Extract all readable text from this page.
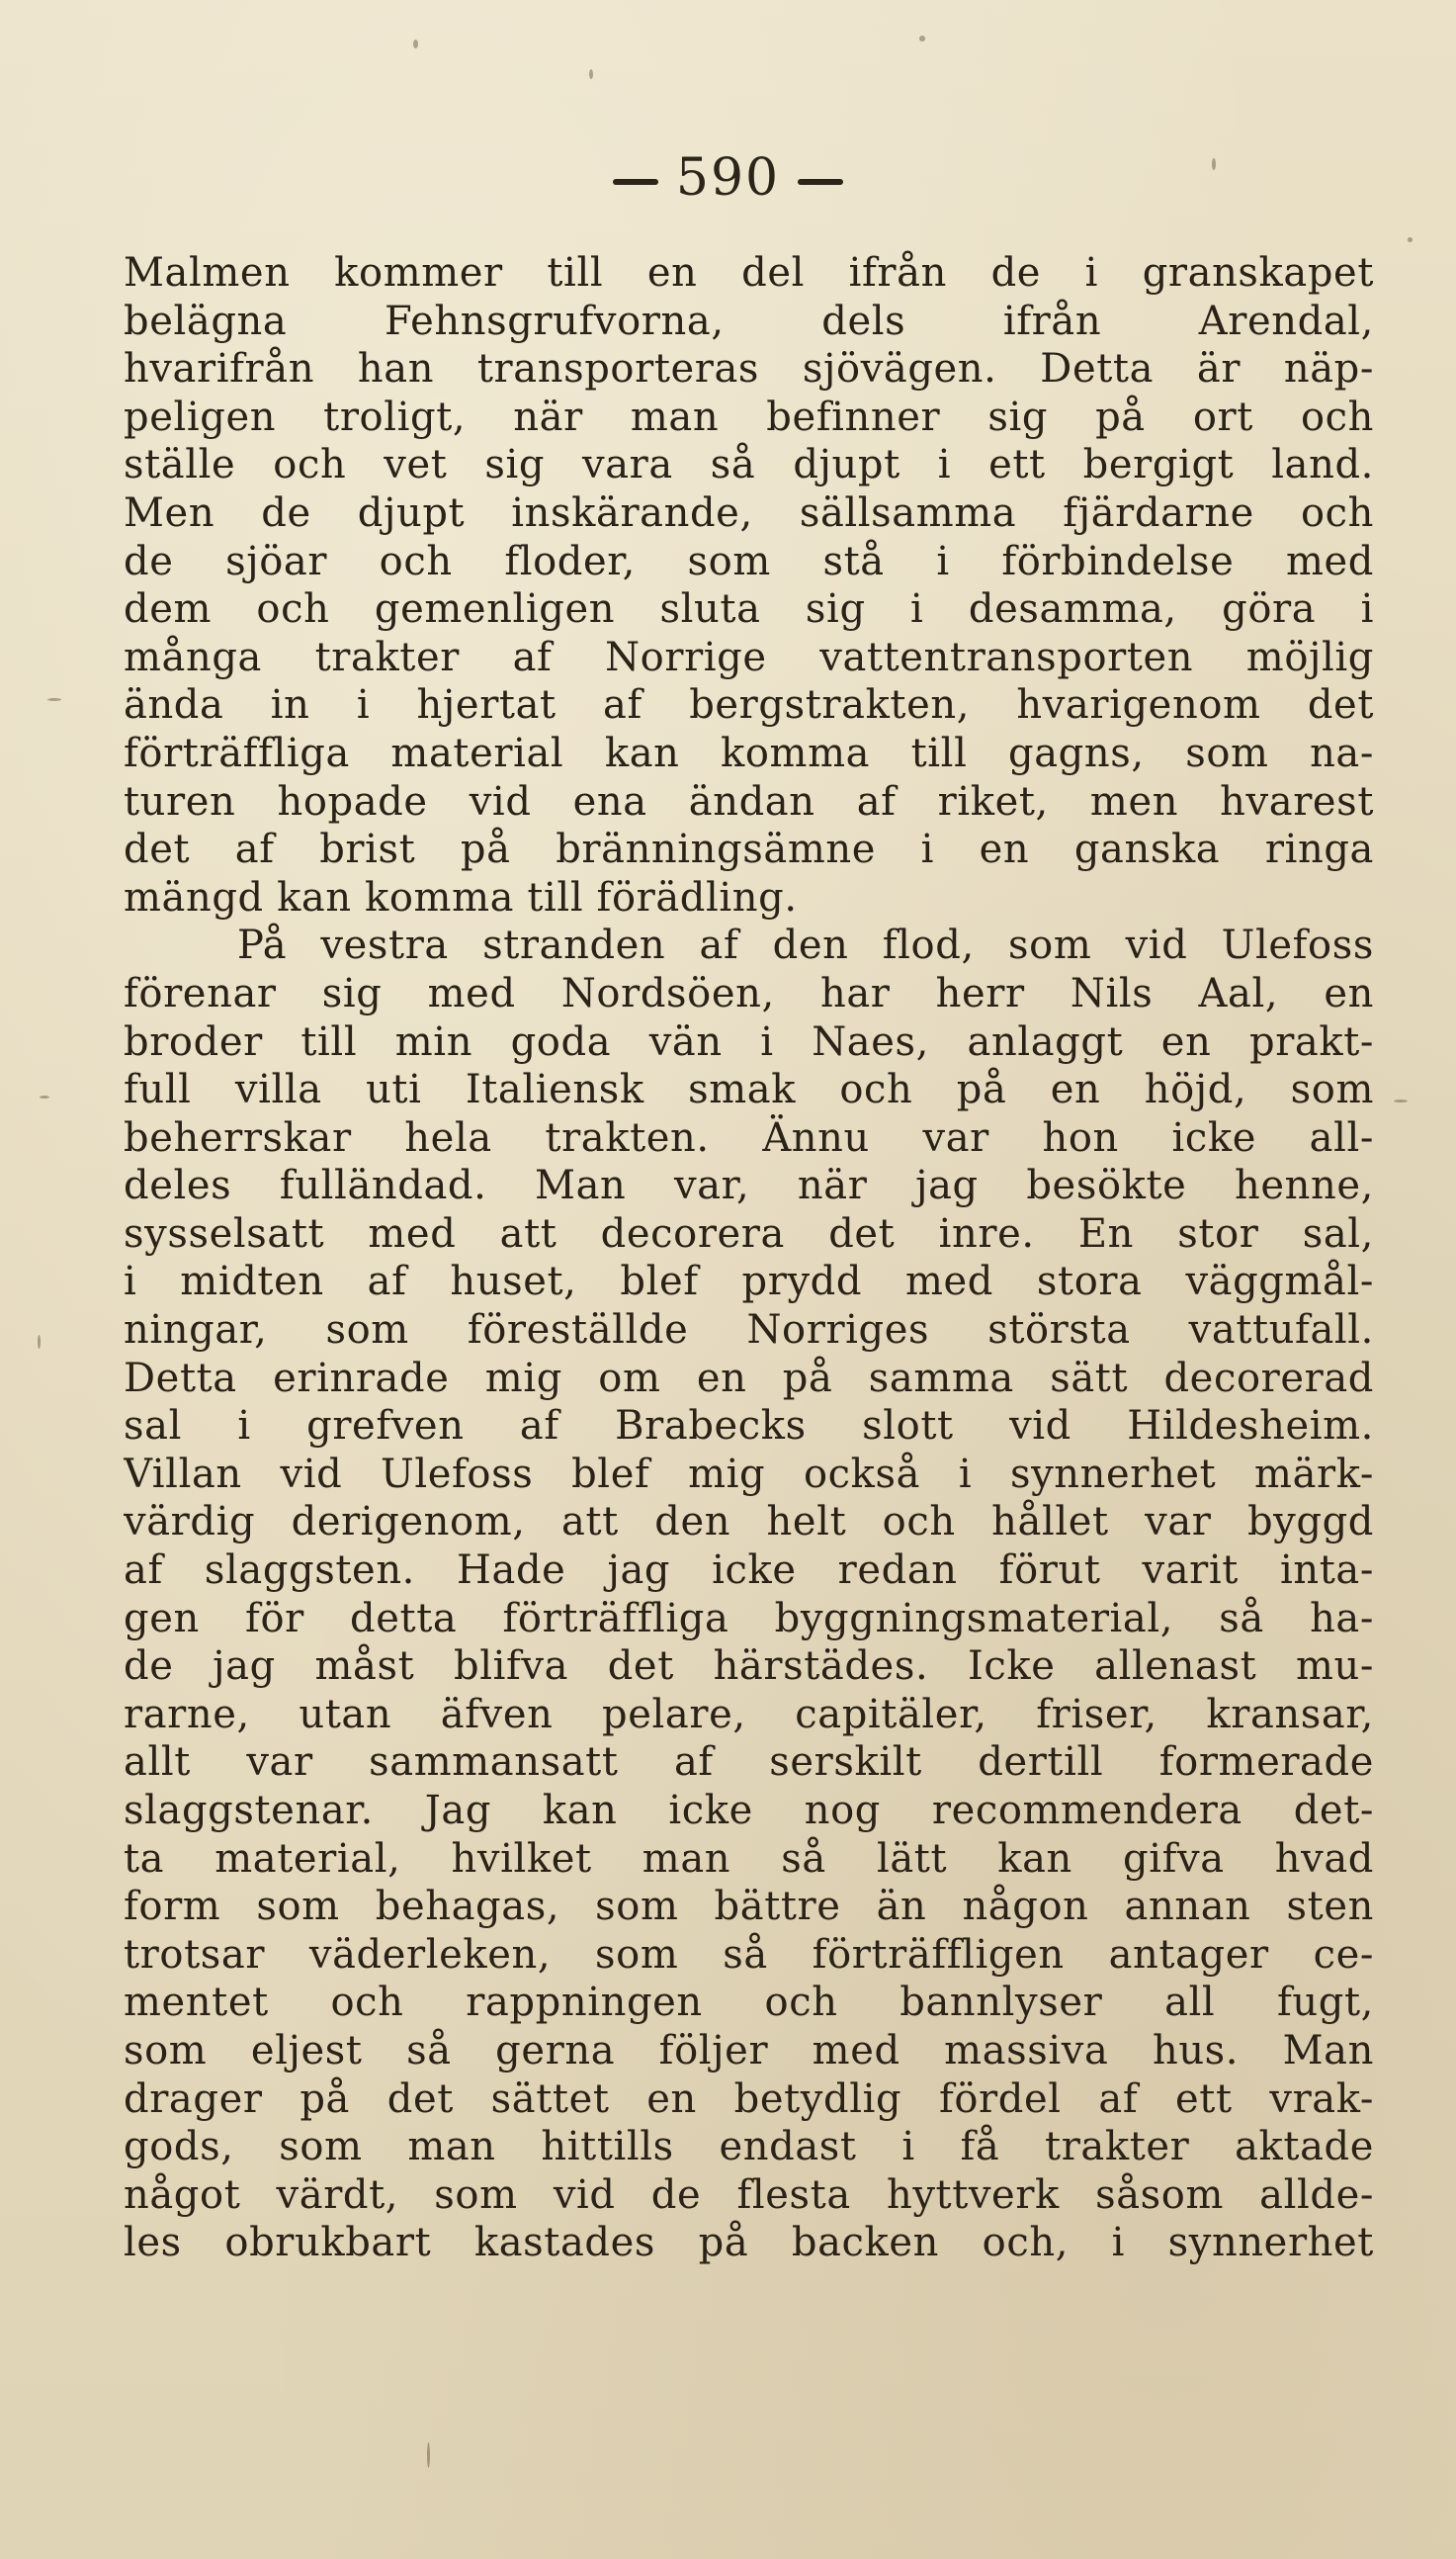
590
Malmen kommer till en del ifrån de i granskapet
belägna Fehnsgrufvorna, dels ifrån Arendal,
hvarifrån han transporteras sjövägen. Detta är näp-
peligen troligt, när man befinner sig på ort och
ställe och vet sig vara så djupt i ett bergigt land.
Men de djupt inskärande, sällsamma fjärdarne och
de sjöar och floder, som stå i förbindelse med
dem och gemenligen sluta sig i desamma, göra i
många trakter af Norrige vattentransporten möjlig
ända in i hjertat af bergstrakten, hvarigenom det
förträffliga material kan komma till gagns, som na-
turen hopade vid ena ändan af riket, men hvarest
det af brist på bränningsämne i en ganska ringa
mängd kan komma till förädling.
På vestra stranden af den flod, som vid Ulefoss
förenar sig med Nordsöen, har herr Nils Aal, en
broder till min goda vän i Naes, anlaggt en prakt-
full villa uti Italiensk smak och på en höjd, som
beherrskar hela trakten. Ännu var hon icke all-
deles fulländad. Man var, när jag besökte henne,
sysselsatt med att decorera det inre. En stor sal,
i midten af huset, blef prydd med stora väggmål-
ningar, som föreställde Norriges största vattufall.
Detta erinrade mig om en på samma sätt decorerad
sal i grefven af Brabecks slott vid Hildesheim.
Villan vid Ulefoss blef mig också i synnerhet märk-
värdig derigenom, att den helt och hållet var byggd
af slaggsten. Hade jag icke redan förut varit inta-
gen för detta förträffliga byggningsmaterial, så ha-
de jag måst blifva det härstädes. Icke allenast mu-
rarne, utan äfven pelare, capitäler, friser, kransar,
allt var sammansatt af serskilt dertill formerade
slaggstenar. Jag kan icke nog recommendera det-
ta material, hvilket man så lätt kan gifva hvad
form som behagas, som bättre än någon annan sten
trotsar väderleken, som så förträffligen antager ce-
mentet och rappningen och bannlyser all fugt,
som eljest så gerna följer med massiva hus. Man
drager på det sättet en betydlig fördel af ett vrak-
gods, som man hittills endast i få trakter aktade
något värdt, som vid de flesta hyttverk såsom allde-
les obrukbart kastades på backen och, i synnerhet
